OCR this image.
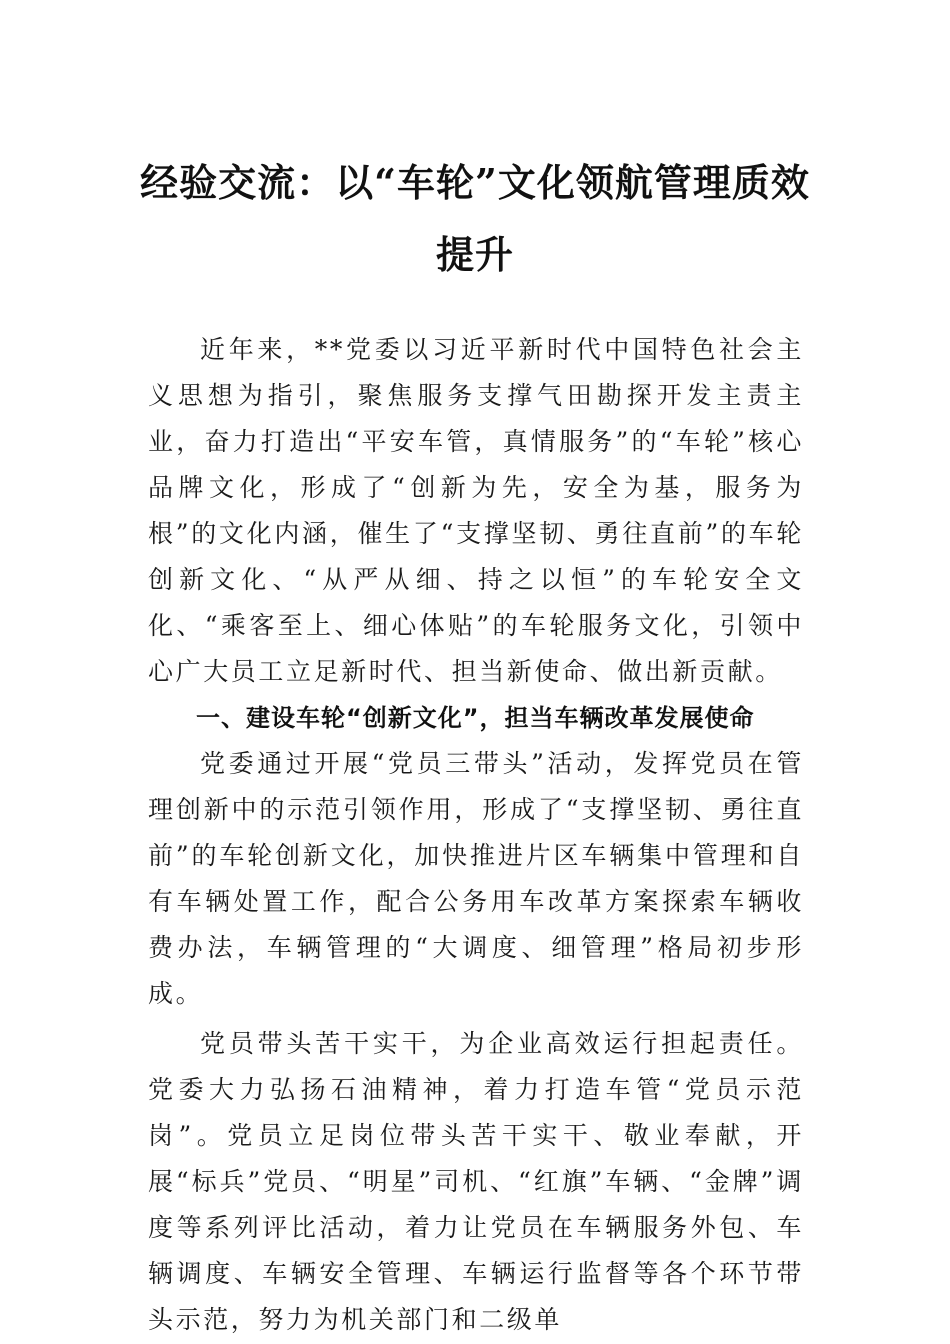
经验交流：以“车轮”文化领航管理质效
提升

近年来，**党委以习近平新时代中国特色社会主义思想为指引，聚焦服务支撑气田勘探开发主责主业，奋力打造出“平安车管，真情服务”的“车轮”核心品牌文化，形成了“创新为先，安全为基，服务为根”的文化内涵，催生了“支撑坚韧、勇往直前”的车轮创新文化、“从严从细、持之以恒”的车轮安全文化、“乘客至上、细心体贴”的车轮服务文化，引领中心广大员工立足新时代、担当新使命、做出新贡献。

一、建设车轮“创新文化”，担当车辆改革发展使命

党委通过开展“党员三带头”活动，发挥党员在管理创新中的示范引领作用，形成了“支撑坚韧、勇往直前”的车轮创新文化，加快推进片区车辆集中管理和自有车辆处置工作，配合公务用车改革方案探索车辆收费办法，车辆管理的“大调度、细管理”格局初步形成。

党员带头苦干实干，为企业高效运行担起责任。党委大力弘扬石油精神，着力打造车管“党员示范岗”。党员立足岗位带头苦干实干、敬业奉献，开展“标兵”党员、“明星”司机、“红旗”车辆、“金牌”调度等系列评比活动，着力让党员在车辆服务外包、车辆调度、车辆安全管理、车辆运行监督等各个环节带头示范，努力为机关部门和二级单
